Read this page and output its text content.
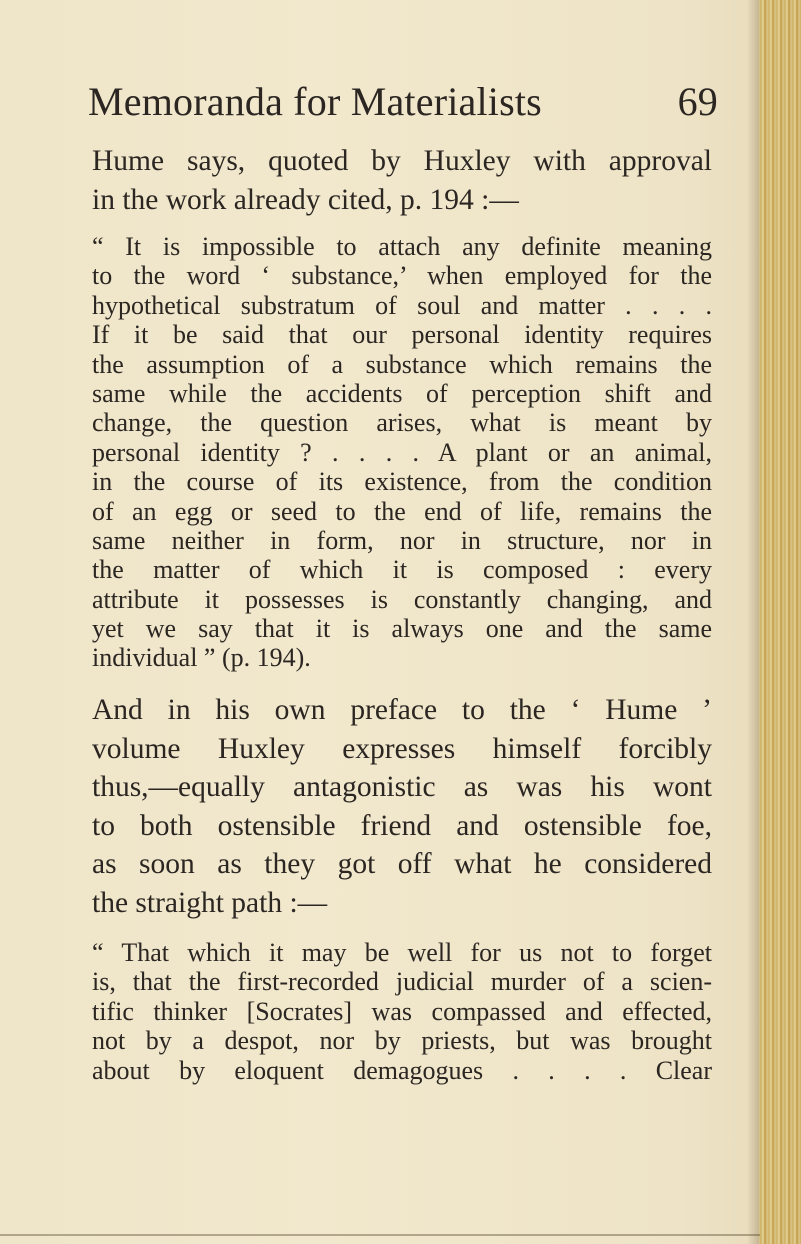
Memoranda for Materialists	69
Hume says, quoted by Huxley with approval
in the work already cited, p. 194 :—
“ It is impossible to attach any definite meaning
to the word ‘ substance,’ when employed for the
hypothetical substratum of soul and matter . . . .
If it be said that our personal identity requires
the assumption of a substance which remains the
same while the accidents of perception shift and
change, the question arises, what is meant by
personal identity ? . . . . A plant or an animal,
in the course of its existence, from the condition
of an egg or seed to the end of life, remains the
same neither in form, nor in structure, nor in
the matter of which it is composed : every
attribute it possesses is constantly changing, and
yet we say that it is always one and the same
individual ” (p. 194).
And in his own preface to the ‘ Hume ’
volume Huxley expresses himself forcibly
thus,—equally antagonistic as was his wont
to both ostensible friend and ostensible foe,
as soon as they got off what he considered
the straight path :—
“ That which it may be well for us not to forget
is, that the first-recorded judicial murder of a scien-
tific thinker [Socrates] was compassed and effected,
not by a despot, nor by priests, but was brought
about by eloquent demagogues . . . . Clear
